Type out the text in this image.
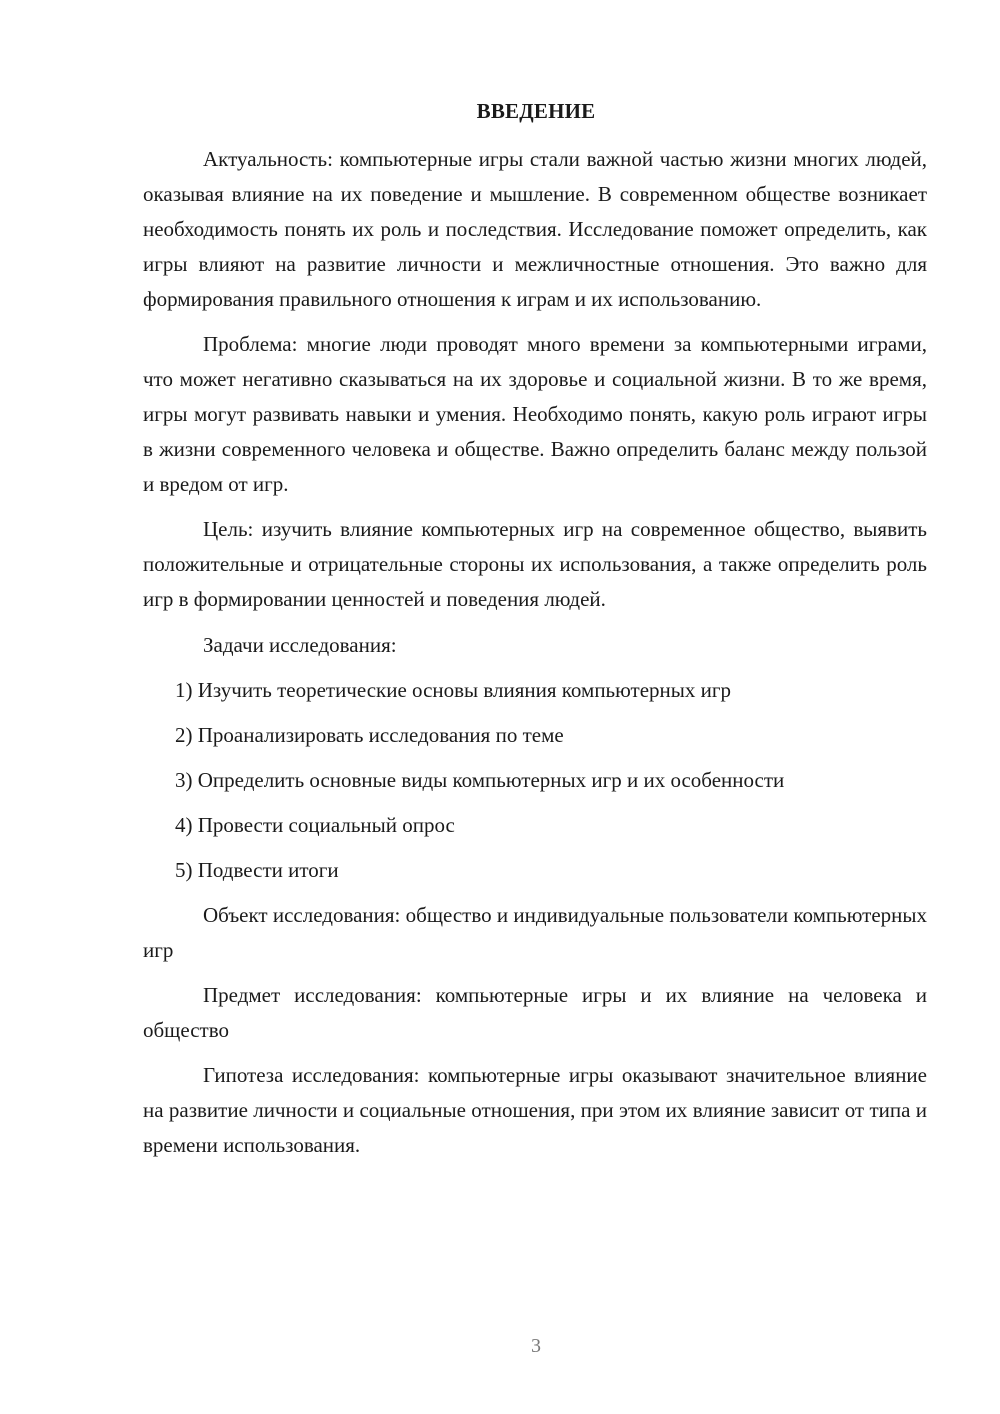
ВВЕДЕНИЕ

Актуальность: компьютерные игры стали важной частью жизни многих людей, оказывая влияние на их поведение и мышление. В современном обществе возникает необходимость понять их роль и последствия. Исследование поможет определить, как игры влияют на развитие личности и межличностные отношения. Это важно для формирования правильного отношения к играм и их использованию.

Проблема: многие люди проводят много времени за компьютерными играми, что может негативно сказываться на их здоровье и социальной жизни. В то же время, игры могут развивать навыки и умения. Необходимо понять, какую роль играют игры в жизни современного человека и обществе. Важно определить баланс между пользой и вредом от игр.

Цель: изучить влияние компьютерных игр на современное общество, выявить положительные и отрицательные стороны их использования, а также определить роль игр в формировании ценностей и поведения людей.

Задачи исследования:

1) Изучить теоретические основы влияния компьютерных игр

2) Проанализировать исследования по теме

3) Определить основные виды компьютерных игр и их особенности

4) Провести социальный опрос

5) Подвести итоги

Объект исследования: общество и индивидуальные пользователи компьютерных игр

Предмет исследования: компьютерные игры и их влияние на человека и общество

Гипотеза исследования: компьютерные игры оказывают значительное влияние на развитие личности и социальные отношения, при этом их влияние зависит от типа и времени использования.

3
